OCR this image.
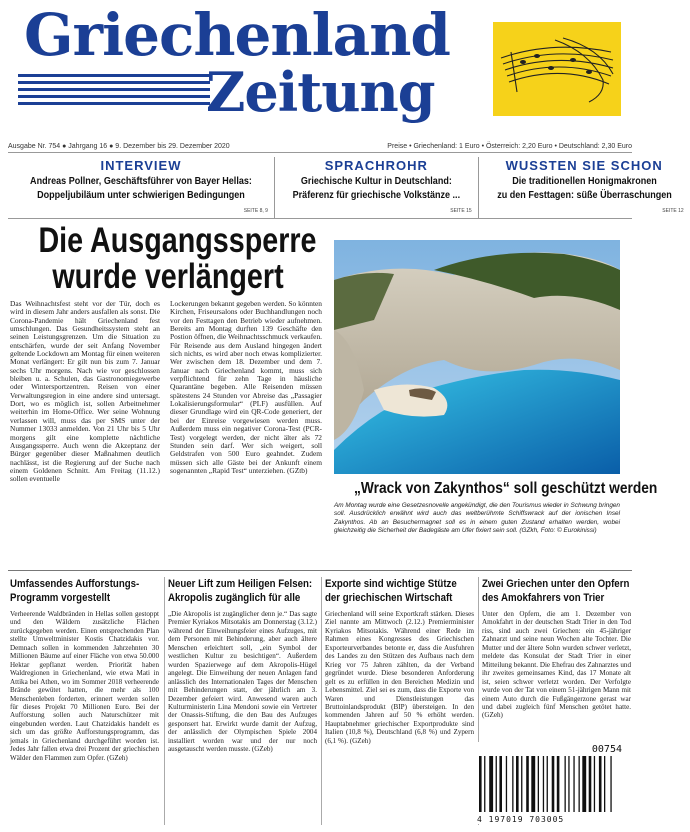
Griechenland
Zeitung
Ausgabe Nr. 754 ● Jahrgang 16 ● 9. Dezember bis 29. Dezember 2020	Preise • Griechenland: 1 Euro • Österreich: 2,20 Euro • Deutschland: 2,30 Euro
INTERVIEW
Andreas Pollner, Geschäftsführer von Bayer Hellas:
Doppeljubiläum unter schwierigen Bedingungen
SEITE 8, 9
SPRACHROHR
Griechische Kultur in Deutschland:
Präferenz für griechische Volkstänze ...
SEITE 15
WUSSTEN SIE SCHON
Die traditionellen Honigmakronen
zu den Festtagen: süße Überraschungen
SEITE 12
Die Ausgangssperre
wurde verlängert
Das Weihnachtsfest steht vor der Tür, doch es wird in diesem Jahr anders ausfallen als sonst. Die Corona-Pandemie hält Griechenland fest umschlungen. Das Gesundheitssystem steht an seinen Leistungsgrenzen. Um die Situation zu entschärfen, wurde der seit Anfang November geltende Lockdown am Montag für einen weiteren Monat verlängert: Er gilt nun bis zum 7. Januar sechs Uhr morgens. Nach wie vor geschlossen bleiben u. a. Schulen, das Gastronomiegewerbe oder Wintersportzentren. Reisen von einer Verwaltungsregion in eine andere sind untersagt. Dort, wo es möglich ist, sollen Arbeitnehmer weiterhin im Home-Office. Wer seine Wohnung verlassen will, muss das per SMS unter der Nummer 13033 anmelden. Von 21 Uhr bis 5 Uhr morgens gilt eine komplette nächtliche Ausgangssperre. Auch wenn die Akzeptanz der Bürger gegenüber dieser Maßnahmen deutlich nachlässt, ist die Regierung auf der Suche nach einem Goldenen Schnitt. Am Freitag (11.12.) sollen eventuelle
Lockerungen bekannt gegeben werden. So könnten Kirchen, Friseursalons oder Buchhandlungen noch vor den Festtagen den Betrieb wieder aufnehmen. Bereits am Montag durften 139 Geschäfte den Postion öffnen, die Weihnachtsschmuck verkaufen. Für Reisende aus dem Ausland hingegen ändert sich nichts, es wird aber noch etwas komplizierter. Wer zwischen dem 18. Dezember und dem 7. Januar nach Griechenland kommt, muss sich verpflichtend für zehn Tage in häusliche Quarantäne begeben. Alle Reisenden müssen spätestens 24 Stunden vor Abreise das „Passagier Lokalisierungsformular“ (PLF) ausfüllen. Auf dieser Grundlage wird ein QR-Code generiert, der bei der Einreise vorgewiesen werden muss. Außerdem muss ein negativer Corona-Test (PCR-Test) vorgelegt werden, der nicht älter als 72 Stunden sein darf. Wer sich weigert, soll Geldstrafen von 500 Euro geahndet. Zudem müssen sich alle Gäste bei der Ankunft einem sogenannten „Rapid Test“ unterziehen. (GZtb)
„Wrack von Zakynthos“ soll geschützt werden
Am Montag wurde eine Gesetzesnovelle angekündigt, die den Tourismus wieder in Schwung bringen soll. Ausdrücklich erwähnt wird auch das weltberühmte Schiffswrack auf der ionischen Insel Zakynthos. Ab an Besuchermagnet soll es in einem guten Zustand erhalten werden, wobei gleichzeitig die Sicherheit der Badegäste am Ufer fixiert sein soll. (GZkh, Foto: © Eurokinissi)
Umfassendes Aufforstungs-Programm vorgestellt
Verheerende Waldbränden in Hellas sollen gestoppt und den Wäldern zusätzliche Flächen zurückgegeben werden. Einen entsprechenden Plan stellte Umweltminister Kostis Chatzidakis vor. Demnach sollen in kommenden Jahrzehnten 30 Millionen Bäume auf einer Fläche von etwa 50.000 Hektar gepflanzt werden. Priorität haben Waldregionen in Griechenland, wie etwa Mati in Attika bei Athen, wo im Sommer 2018 verheerende Brände gewütet hatten, die mehr als 100 Menschenleben forderten, erinnert werden sollen für dieses Projekt 70 Millionen Euro. Bei der Aufforstung sollen auch Naturschützer mit eingebunden werden. Laut Chatzidakis handelt es sich um das größte Aufforstungsprogramm, das jemals in Griechenland durchgeführt worden ist. Jedes Jahr fallen etwa drei Prozent der griechischen Wälder den Flammen zum Opfer. (GZeh)
Neuer Lift zum Heiligen Felsen: Akropolis zugänglich für alle
„Die Akropolis ist zugänglicher denn je.“ Das sagte Premier Kyriakos Mitsotakis am Donnerstag (3.12.) während der Einweihungsfeier eines Aufzuges, mit dem Personen mit Behinderung, aber auch ältere Menschen erleichtert soll, „ein Symbol der westlichen Kultur zu besichtigen“. Außerdem wurden Spazierwege auf dem Akropolis-Hügel angelegt. Die Einweihung der neuen Anlagen fand anlässlich des Internationalen Tages der Menschen mit Behinderungen statt, der jährlich am 3. Dezember gefeiert wird. Anwesend waren auch Kulturministerin Lina Mendoni sowie ein Vertreter der Onassis-Stiftung, die den Bau des Aufzuges gesponsert hat. Erwirkt wurde damit der Aufzug, der anlässlich der Olympischen Spiele 2004 installiert worden war und der nur noch ausgetauscht werden musste. (GZeb)
Exporte sind wichtige Stütze der griechischen Wirtschaft
Griechenland will seine Exportkraft stärken. Dieses Ziel nannte am Mittwoch (2.12.) Premierminister Kyriakos Mitsotakis. Während einer Rede im Rahmen eines Kongresses des Griechischen Exporteurverbandes betonte er, dass die Ausfuhren des Landes zu den Stützen des Aufbaus nach dem Krieg vor 75 Jahren zählten, da der Verband gegründet wurde. Diese besonderen Anforderung gelt es zu erfüllen in den Bereichen Medizin und Lebensmittel. Ziel sei es zum, dass die Exporte von Waren und Dienstleistungen das Bruttoinlandsprodukt (BIP) übersteigen. In den kommenden Jahren auf 50 % erhöht werden. Hauptabnehmer griechischer Exportprodukte sind Italien (10,8 %), Deutschland (6,8 %) und Zypern (6,1 %). (GZeh)
Zwei Griechen unter den Opfern des Amokfahrers von Trier
Unter den Opfern, die am 1. Dezember von Amokfahrt in der deutschen Stadt Trier in den Tod riss, sind auch zwei Griechen: ein 45-jähriger Zahnarzt und seine neun Wochen alte Tochter. Die Mutter und der ältere Sohn wurden schwer verletzt, meldete das Konsulat der Stadt Trier in einer Mitteilung bekannt. Die Ehefrau des Zahnarztes und ihr zweites gemeinsames Kind, das 17 Monate alt ist, seien schwer verletzt worden. Der Verfolgte wurde von der Tat von einem 51-jährigen Mann mit einem Auto durch die Fußgängerzone gerast war und dabei zugleich fünf Menschen getötet hatte. (GZeh)
00754
4 197019 703005
